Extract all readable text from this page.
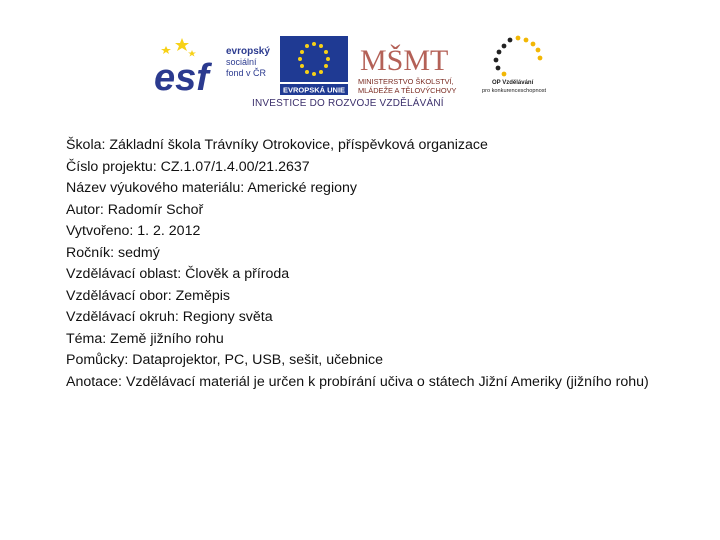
esf
evropský
sociální
fond v ČR
EVROPSKÁ UNIE
MŠMT
MINISTERSTVO ŠKOLSTVÍ,
MLÁDEŽE A TĚLOVÝCHOVY
OP Vzdělávání
pro konkurenceschopnost
INVESTICE DO ROZVOJE VZDĚLÁVÁNÍ
Škola: Základní škola Trávníky Otrokovice, příspěvková organizace
Číslo projektu: CZ.1.07/1.4.00/21.2637
Název výukového materiálu: Americké regiony
Autor: Radomír Schoř
Vytvořeno: 1. 2. 2012
Ročník: sedmý
Vzdělávací oblast: Člověk a příroda
Vzdělávací obor: Zeměpis
Vzdělávací okruh: Regiony světa
Téma: Země jižního rohu
Pomůcky: Dataprojektor, PC, USB, sešit, učebnice
Anotace: Vzdělávací materiál je určen k probírání učiva o státech Jižní Ameriky (jižního rohu)
